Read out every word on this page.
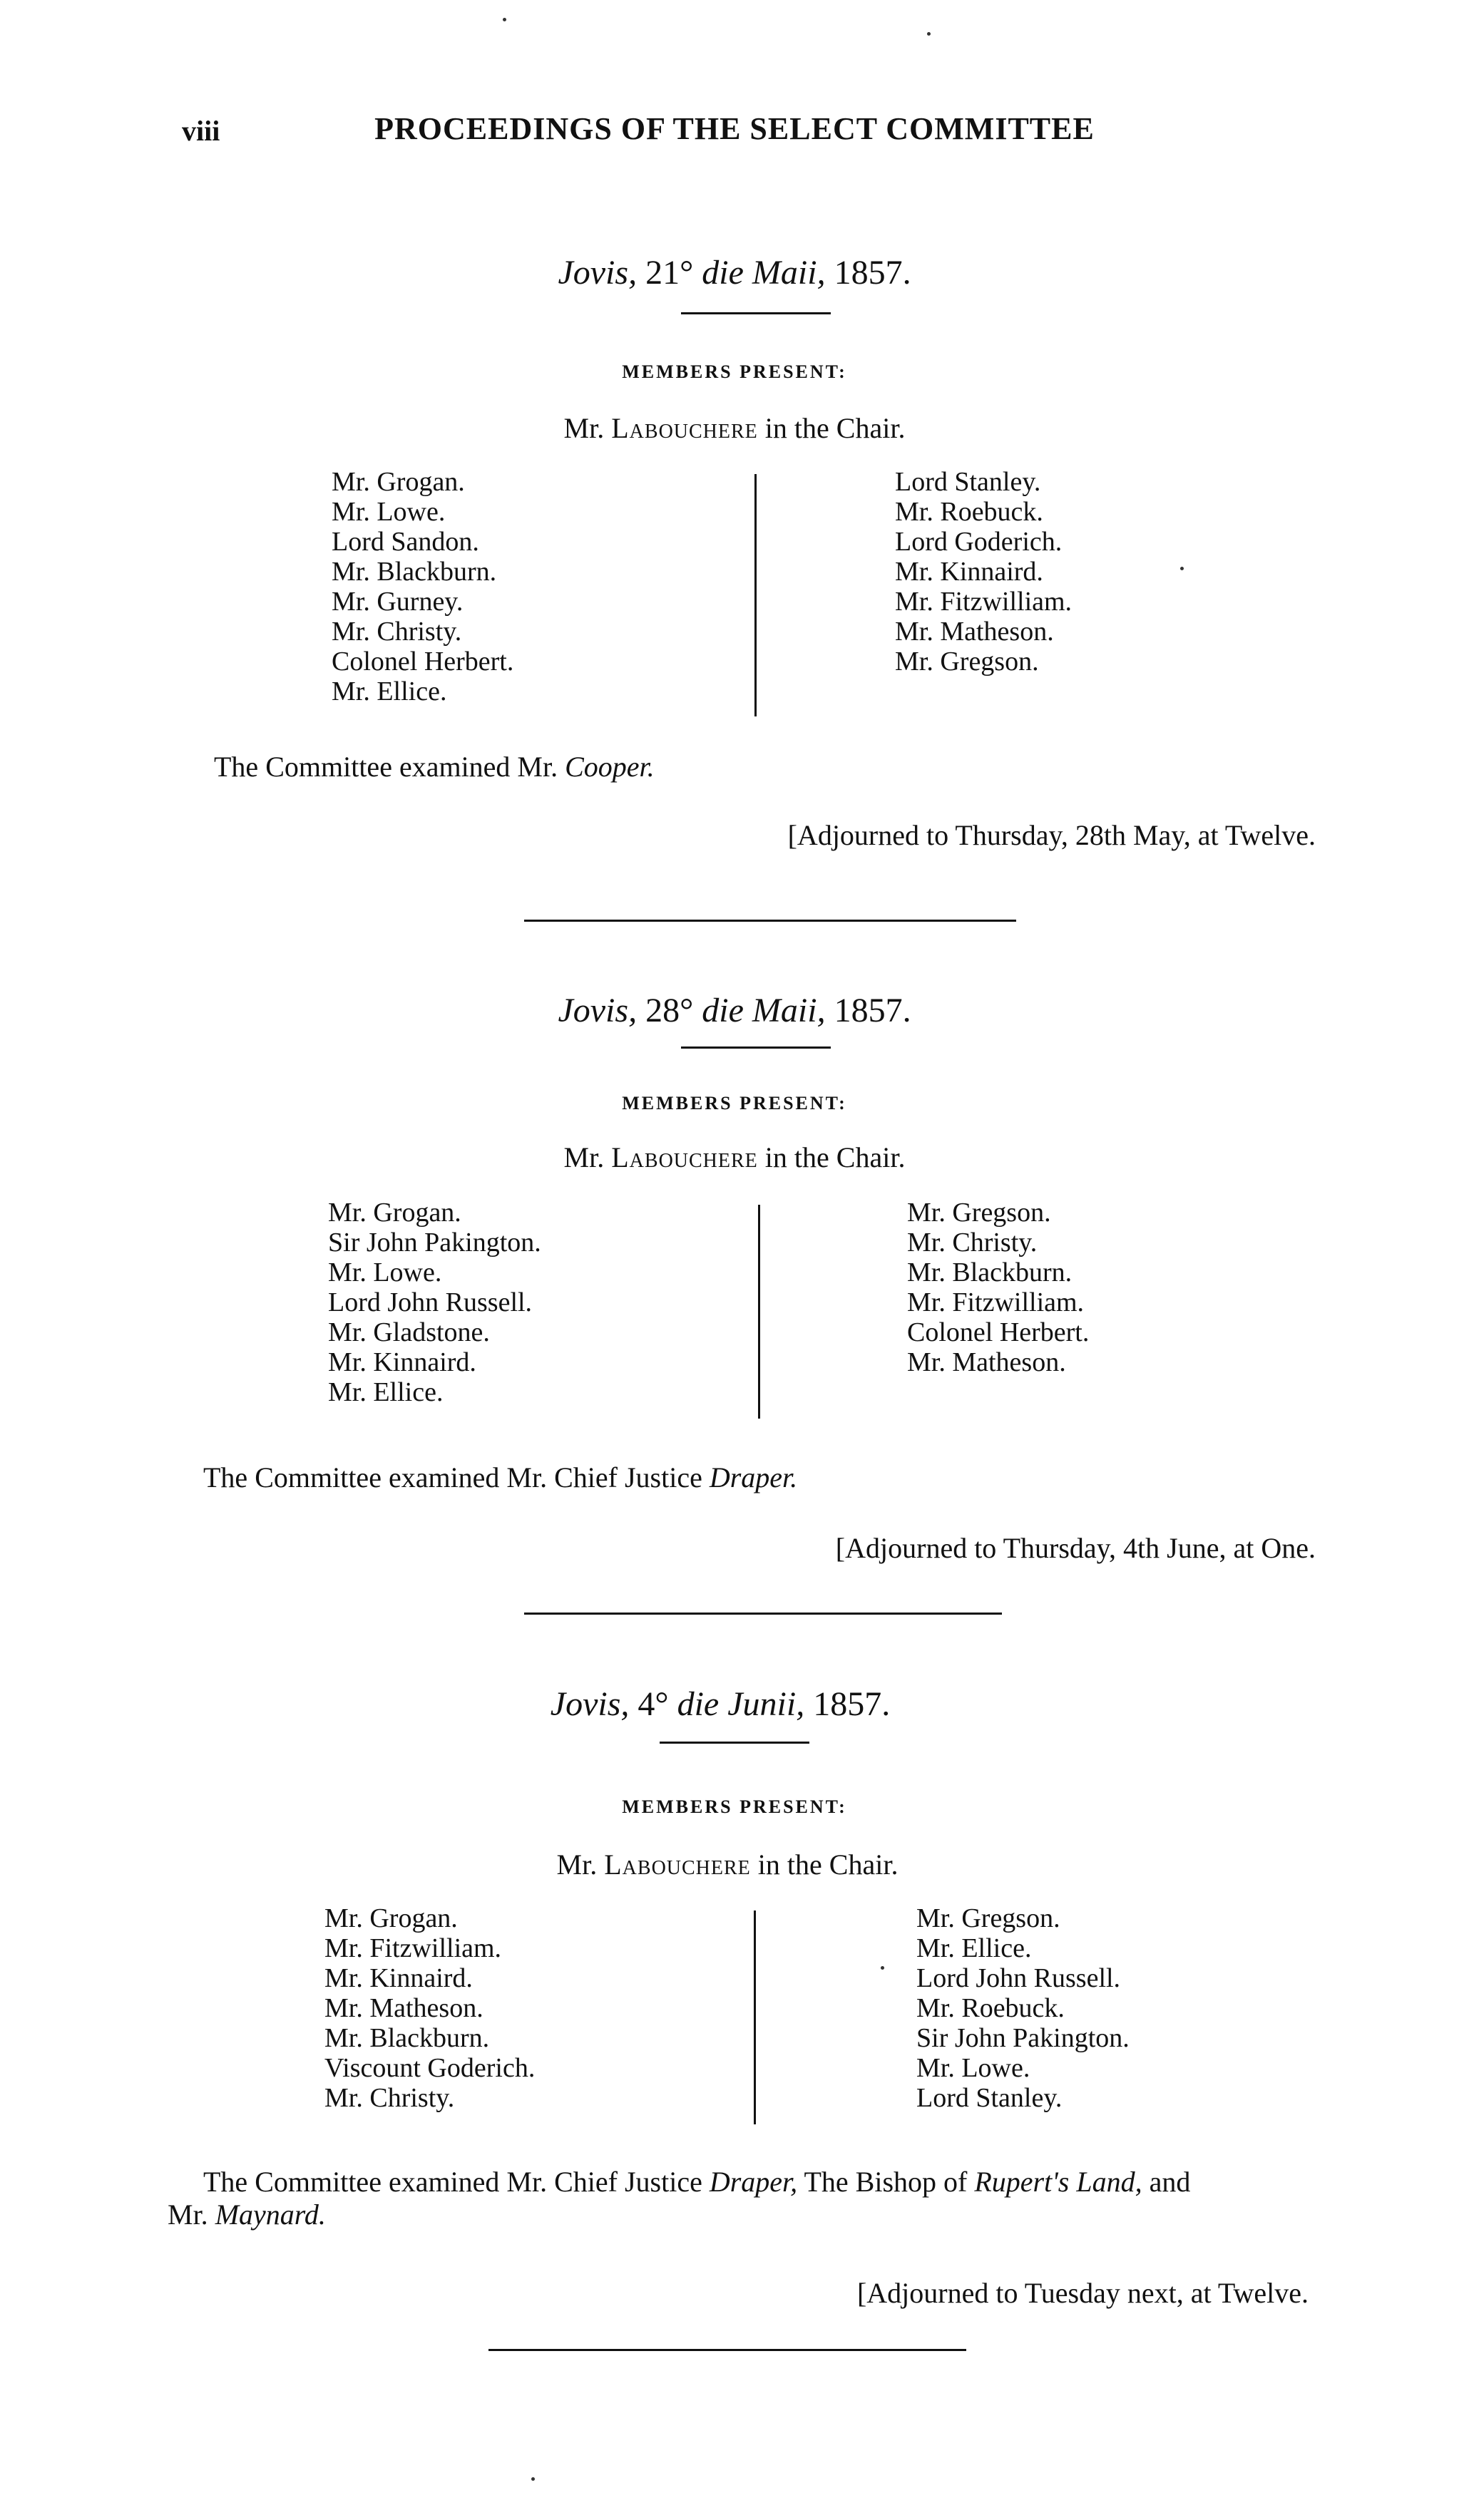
viii	PROCEEDINGS OF THE SELECT COMMITTEE
Jovis, 21° die Maii, 1857.
MEMBERS PRESENT:
Mr. Labouchere in the Chair.
Mr. Grogan.
Mr. Lowe.
Lord Sandon.
Mr. Blackburn.
Mr. Gurney.
Mr. Christy.
Colonel Herbert.
Mr. Ellice.
Lord Stanley.
Mr. Roebuck.
Lord Goderich.
Mr. Kinnaird.
Mr. Fitzwilliam.
Mr. Matheson.
Mr. Gregson.
The Committee examined Mr. Cooper.
[Adjourned to Thursday, 28th May, at Twelve.
Jovis, 28° die Maii, 1857.
MEMBERS PRESENT:
Mr. Labouchere in the Chair.
Mr. Grogan.
Sir John Pakington.
Mr. Lowe.
Lord John Russell.
Mr. Gladstone.
Mr. Kinnaird.
Mr. Ellice.
Mr. Gregson.
Mr. Christy.
Mr. Blackburn.
Mr. Fitzwilliam.
Colonel Herbert.
Mr. Matheson.
The Committee examined Mr. Chief Justice Draper.
[Adjourned to Thursday, 4th June, at One.
Jovis, 4° die Junii, 1857.
MEMBERS PRESENT:
Mr. Labouchere in the Chair.
Mr. Grogan.
Mr. Fitzwilliam.
Mr. Kinnaird.
Mr. Matheson.
Mr. Blackburn.
Viscount Goderich.
Mr. Christy.
Mr. Gregson.
Mr. Ellice.
Lord John Russell.
Mr. Roebuck.
Sir John Pakington.
Mr. Lowe.
Lord Stanley.
The Committee examined Mr. Chief Justice Draper, The Bishop of Rupert's Land, and
Mr. Maynard.
[Adjourned to Tuesday next, at Twelve.
